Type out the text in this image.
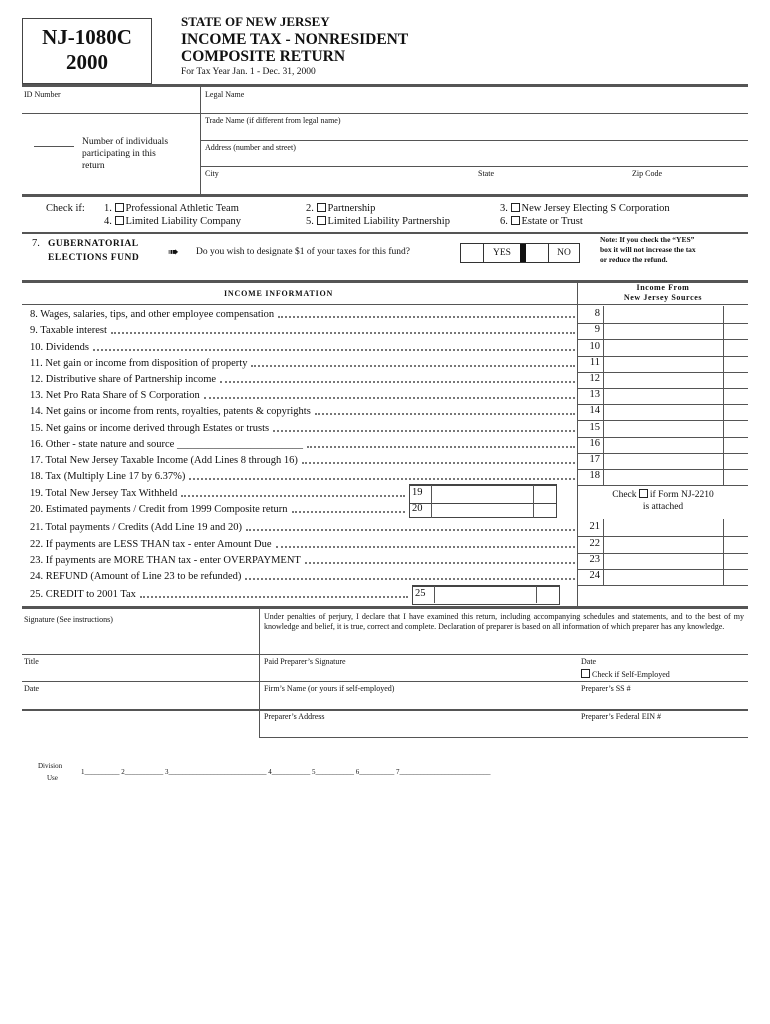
NJ-1080C
2000
STATE OF NEW JERSEY
INCOME TAX - NONRESIDENT
COMPOSITE RETURN
For Tax Year Jan. 1 - Dec. 31, 2000
ID Number	Legal Name
Trade Name (if different from legal name)
Address (number and street)
City	State	Zip Code
Number of individuals
participating in this
return
Check if: 1. Professional Athletic Team	2. Partnership	3. New Jersey Electing S Corporation
4. Limited Liability Company	5. Limited Liability Partnership	6. Estate or Trust
7. GUBERNATORIAL
ELECTIONS FUND ➠ Do you wish to designate $1 of your taxes for this fund?	YES	NO
Note: If you check the “YES”
box it will not increase the tax
or reduce the refund.
INCOME INFORMATION
Income From
New Jersey Sources
8. Wages, salaries, tips, and other employee compensation	8
9. Taxable interest	9
10. Dividends	10
11. Net gain or income from disposition of property	11
12. Distributive share of Partnership income	12
13. Net Pro Rata Share of S Corporation	13
14. Net gains or income from rents, royalties, patents & copyrights	14
15. Net gains or income derived through Estates or trusts	15
16. Other - state nature and source ________________________	16
17. Total New Jersey Taxable Income (Add Lines 8 through 16)	17
18. Tax (Multiply Line 17 by 6.37%)	18
19. Total New Jersey Tax Withheld	19
20. Estimated payments / Credit from 1999 Composite return	20
21. Total payments / Credits (Add Line 19 and 20)	21
22. If payments are LESS THAN tax - enter Amount Due	22
23. If payments are MORE THAN tax - enter OVERPAYMENT	23
24. REFUND (Amount of Line 23 to be refunded)	24
25. CREDIT to 2001 Tax	25
Check if Form NJ-2210
is attached
Signature (See instructions)	Under penalties of perjury, I declare that I have examined this return, including accompanying schedules and statements, and to the best of my knowledge and belief, it is true, correct and complete. Declaration of preparer is based on all information of which preparer has any knowledge.
Title	Paid Preparer’s Signature	Date
Check if Self-Employed
Date	Firm’s Name (or yours if self-employed)	Preparer’s SS #
Preparer’s Address	Preparer’s Federal EIN #
Division
Use
1__________ 2___________ 3____________________________ 4___________ 5___________ 6__________ 7__________________________
